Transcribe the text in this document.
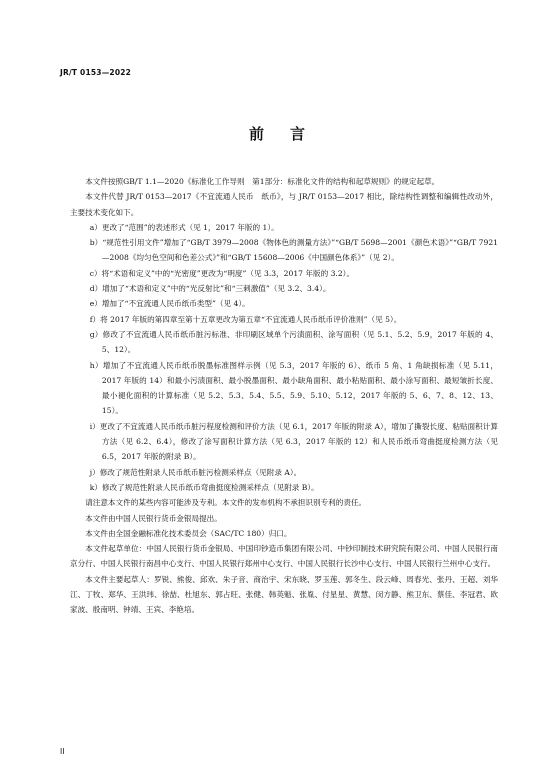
JR/T 0153—2022
前言

本文件按照GB/T 1.1—2020《标准化工作导则　第1部分：标准化文件的结构和起草规则》的规定起草。

本文件代替 JR/T 0153—2017《不宜流通人民币　纸币》，与 JR/T 0153—2017 相比，除结构性调整和编辑性改动外，主要技术变化如下。

a）更改了“范围”的表述形式（见 1，2017 年版的 1）。

b）“规范性引用文件”增加了“GB/T 3979—2008《物体色的测量方法》”“GB/T 5698—2001《颜色术语》”“GB/T 7921—2008《均匀色空间和色差公式》”和“GB/T 15608—2006《中国颜色体系》”（见 2）。

c）将“术语和定义”中的“光密度”更改为“明度”（见 3.3，2017 年版的 3.2）。

d）增加了“术语和定义”中的“光反射比”和“三刺激值”（见 3.2、3.4）。

e）增加了“不宜流通人民币纸币类型”（见 4）。

f）将 2017 年版的第四章至第十五章更改为第五章“不宜流通人民币纸币评价准则”（见 5）。

g）修改了不宜流通人民币纸币脏污标准、非印刷区域单个污渍面积、涂写面积（见 5.1、5.2、5.9，2017 年版的 4、5、12）。

h）增加了不宜流通人民币纸币脱墨标准图样示例（见 5.3，2017 年版的 6）、纸币 5 角、1 角缺损标准（见 5.11，2017 年版的 14）和最小污渍面积、最小脱墨面积、最小缺角面积、最小粘贴面积、最小涂写面积、最短皱折长度、最小褪化面积的计算标准（见 5.2、5.3、5.4、5.5、5.9、5.10、5.12，2017 年版的 5、6、7、8、12、13、15）。

i）更改了不宜流通人民币纸币脏污程度检测和评价方法（见 6.1，2017 年版的附录 A），增加了撕裂长度、粘贴面积计算方法（见 6.2、6.4），修改了涂写面积计算方法（见 6.3，2017 年版的 12）和人民币纸币弯曲挺度检测方法（见 6.5，2017 年版的附录 B）。

j）修改了规范性附录人民币纸币脏污检测采样点（见附录 A）。

k）修改了规范性附录人民币纸币弯曲挺度检测采样点（见附录 B）。

请注意本文件的某些内容可能涉及专利。本文件的发布机构不承担识别专利的责任。

本文件由中国人民银行货币金银局提出。

本文件由全国金融标准化技术委员会（SAC/TC 180）归口。

本文件起草单位：中国人民银行货币金银局、中国印钞造币集团有限公司、中钞印制技术研究院有限公司、中国人民银行南京分行、中国人民银行南昌中心支行、中国人民银行郑州中心支行、中国人民银行长沙中心支行、中国人民银行兰州中心支行。

本文件主要起草人：罗锐、熊俊、邱欢、朱子音、商治宇、宋东晓、罗玉莲、郭冬生、段云峰、周春光、张丹、王超、刘华江、丁牧、郑华、王洪玮、徐喆、杜旭东、郭占旺、张健、韩英魁、张胤、付星星、黄慧、闵方静、熊卫东、蔡佳、李冠君、欧家波、殷南明、钟靖、王宾、李艳培。

II
